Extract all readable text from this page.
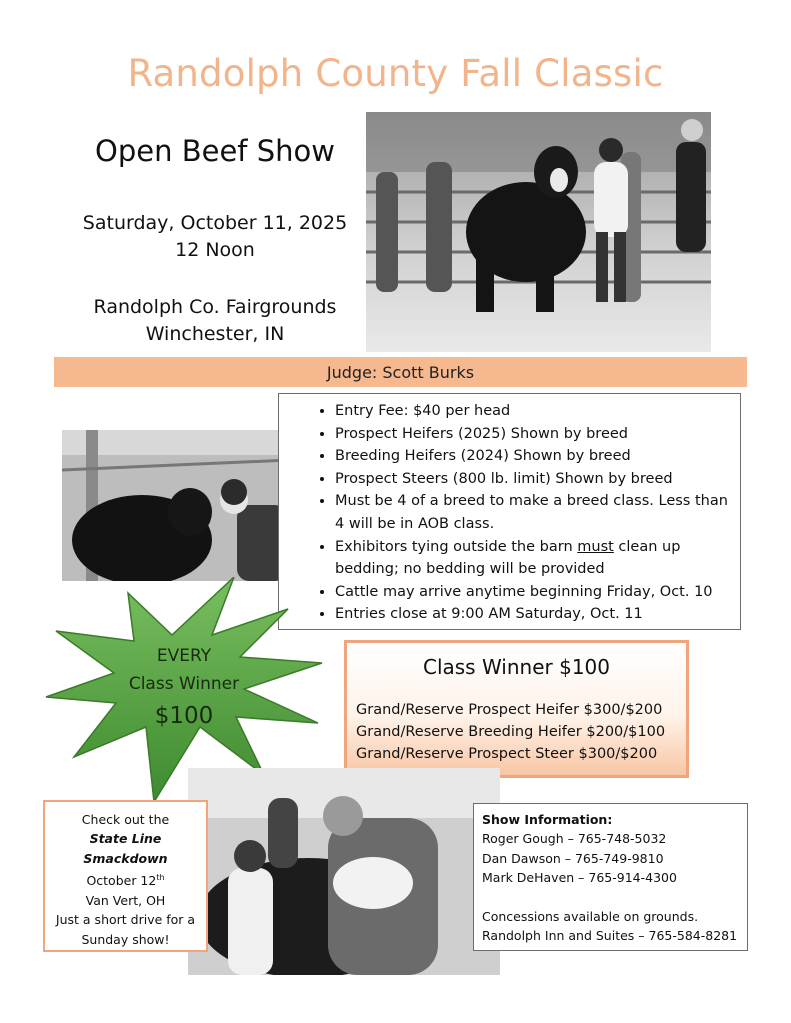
Randolph County Fall Classic
Open Beef Show
Saturday, October 11, 2025
12 Noon
Randolph Co. Fairgrounds
Winchester, IN
Judge: Scott Burks
• Entry Fee: $40 per head
• Prospect Heifers (2025) Shown by breed
• Breeding Heifers (2024) Shown by breed
• Prospect Steers (800 lb. limit) Shown by breed
• Must be 4 of a breed to make a breed class. Less than 4 will be in AOB class.
• Exhibitors tying outside the barn must clean up bedding; no bedding will be provided
• Cattle may arrive anytime beginning Friday, Oct. 10
• Entries close at 9:00 AM Saturday, Oct. 11
EVERY
Class Winner
$100
Class Winner $100
Grand/Reserve Prospect Heifer $300/$200
Grand/Reserve Breeding Heifer $200/$100
Grand/Reserve Prospect Steer $300/$200
Check out the
State Line
Smackdown
October 12th
Van Vert, OH
Just a short drive for a
Sunday show!
Show Information:
Roger Gough – 765-748-5032
Dan Dawson – 765-749-9810
Mark DeHaven – 765-914-4300
Concessions available on grounds.
Randolph Inn and Suites – 765-584-8281
